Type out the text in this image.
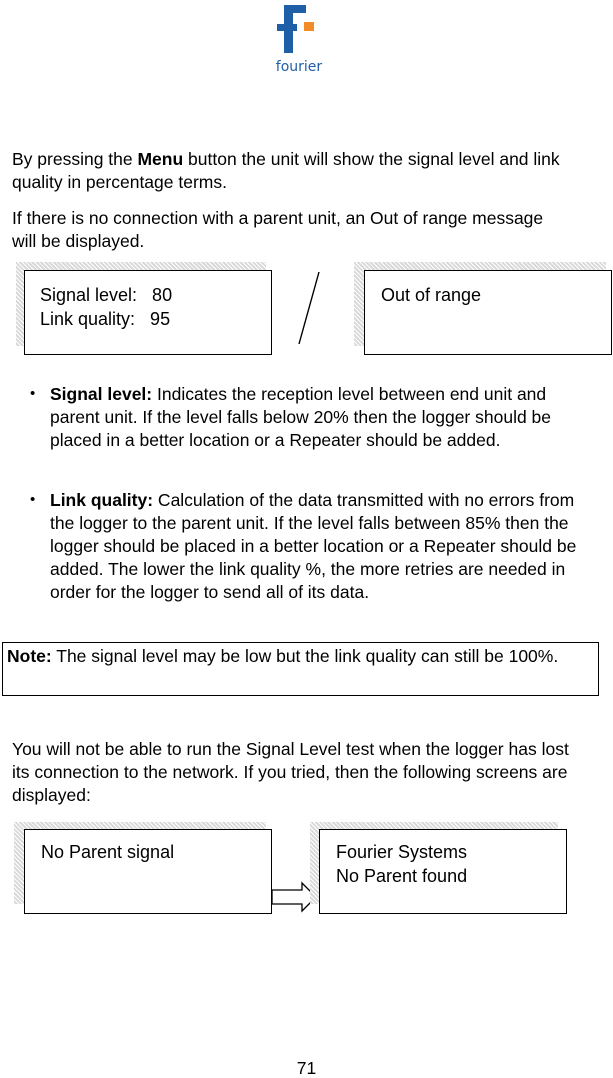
fourier
By pressing the Menu button the unit will show the signal level and link quality in percentage terms.
If there is no connection with a parent unit, an Out of range message will be displayed.
Signal level:   80
Link quality:   95
Out of range
• Signal level: Indicates the reception level between end unit and parent unit. If the level falls below 20% then the logger should be placed in a better location or a Repeater should be added.
• Link quality: Calculation of the data transmitted with no errors from the logger to the parent unit. If the level falls between 85% then the logger should be placed in a better location or a Repeater should be added. The lower the link quality %, the more retries are needed in order for the logger to send all of its data.
Note: The signal level may be low but the link quality can still be 100%.
You will not be able to run the Signal Level test when the logger has lost its connection to the network. If you tried, then the following screens are displayed:
No Parent signal	Fourier Systems
No Parent found
71
